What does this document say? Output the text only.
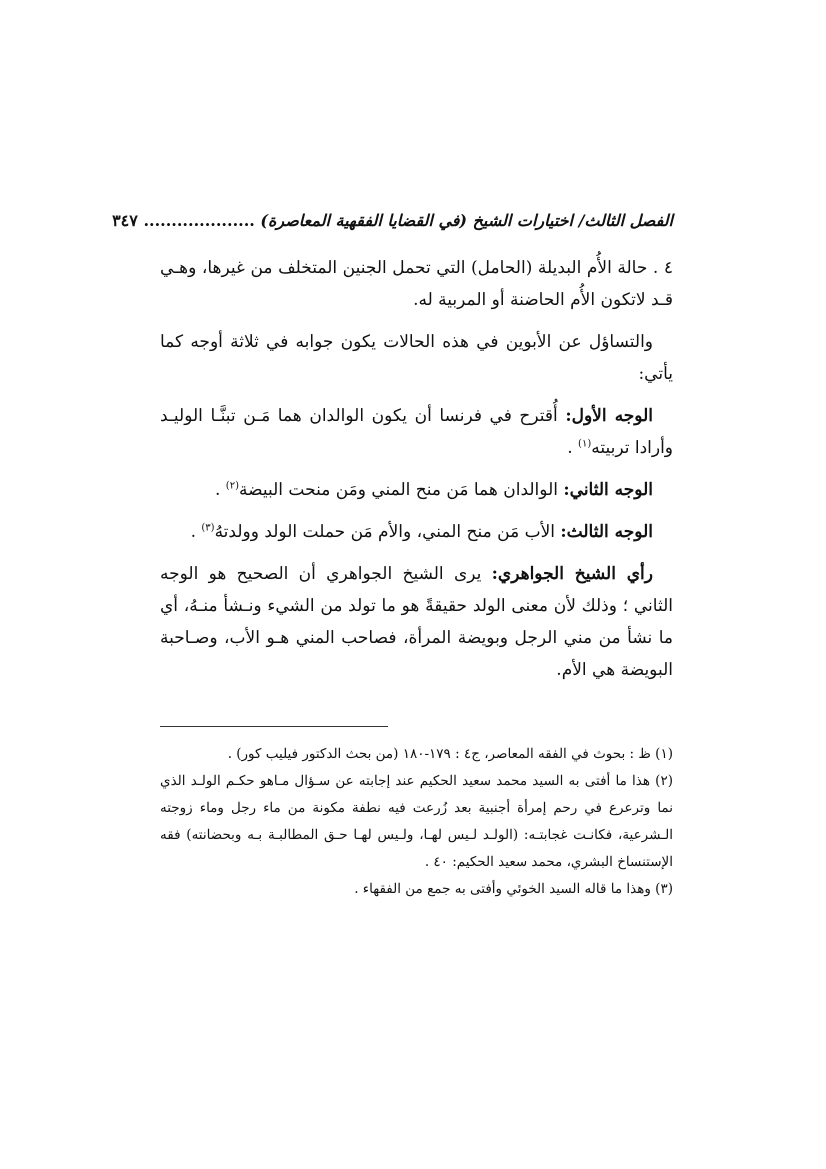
الفصل الثالث/ اختيارات الشيخ (في القضايا الفقهية المعاصرة) .................... ٣٤٧

٤ . حالة الأُم البديلة (الحامل) التي تحمل الجنين المتخلف من غيرها، وهـي قـد لاتكون الأُم الحاضنة أو المربية له.

والتساؤل عن الأبوين في هذه الحالات يكون جوابه في ثلاثة أوجه كما يأتي:

الوجه الأول: أُقترح في فرنسا أن يكون الوالدان هما مَـن تبنَّـا الوليـد وأرادا تربيته$^{(١)}$ .

الوجه الثاني: الوالدان هما مَن منح المني ومَن منحت البيضة$^{(٢)}$ .

الوجه الثالث: الأب مَن منح المني، والأم مَن حملت الولد وولدتهُ$^{(٣)}$ .

رأي الشيخ الجواهري: يرى الشيخ الجواهري أن الصحيح هو الوجه الثاني ؛ وذلك لأن معنى الولد حقيقةً هو ما تولد من الشيء ونـشأ منـهُ، أي ما نشأ من مني الرجل وبويضة المرأة، فصاحب المني هـو الأب، وصـاحبة البويضة هي الأم.

(١) ظ : بحوث في الفقه المعاصر، ج٤ : ١٧٩-١٨٠ (من بحث الدكتور فيليب كور) .

(٢) هذا ما أفتى به السيد محمد سعيد الحكيم عند إجابته عن سـؤال مـاهو حكـم الولـد الذي نما وترعرع في رحم إمرأة أجنبية بعد زُرعت فيه نطفة مكونة من ماء رجل وماء زوجته الـشرعية، فكانـت غجابتـه: (الولـد لـيس لهـا، ولـيس لهـا حـق المطالبـة بـه وبحضانته) فقه الإستنساخ البشري، محمد سعيد الحكيم: ٤٠ .

(٣) وهذا ما قاله السيد الخوئي وأفتى به جمع من الفقهاء .
